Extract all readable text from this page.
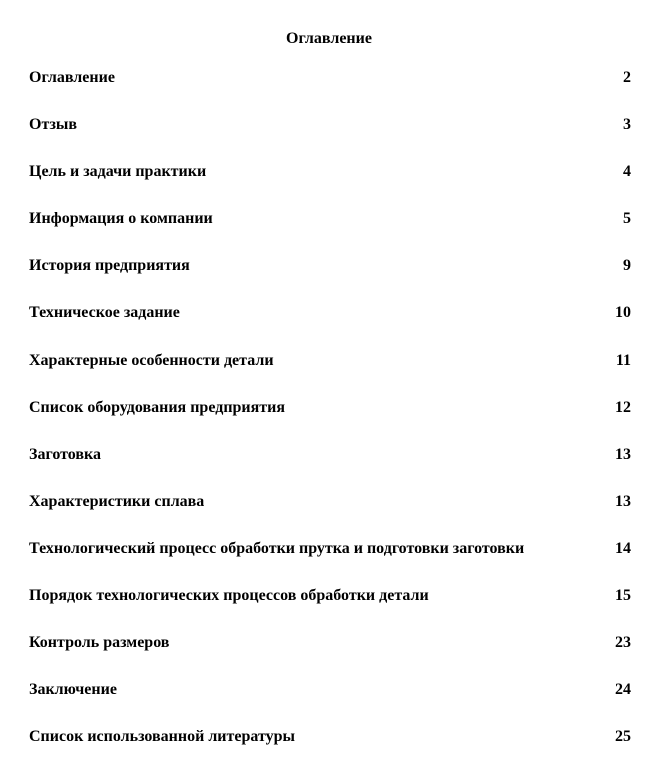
Оглавление
Оглавление	2
Отзыв	3
Цель и задачи практики	4
Информация о компании	5
История предприятия	9
Техническое задание	10
Характерные особенности детали	11
Список оборудования предприятия	12
Заготовка	13
Характеристики сплава	13
Технологический процесс обработки прутка и подготовки заготовки	14
Порядок технологических процессов обработки детали	15
Контроль размеров	23
Заключение	24
Список использованной литературы	25
